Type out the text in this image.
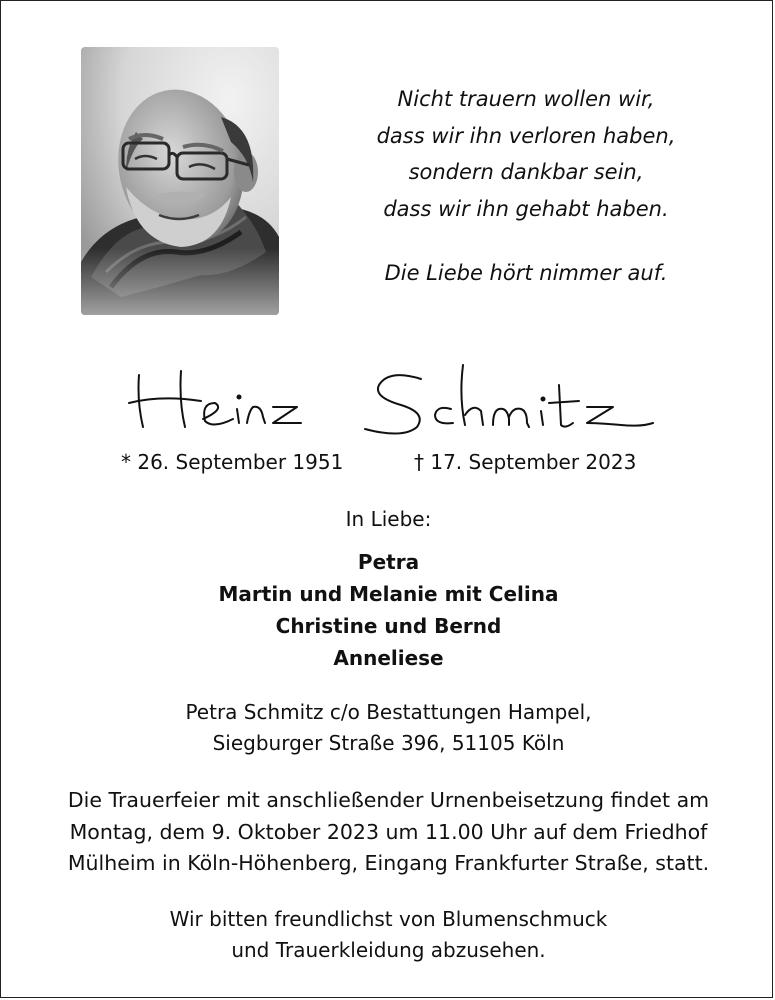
Nicht trauern wollen wir,
dass wir ihn verloren haben,
sondern dankbar sein,
dass wir ihn gehabt haben.
Die Liebe hört nimmer auf.
* 26. September 1951	† 17. September 2023
In Liebe:
Petra
Martin und Melanie mit Celina
Christine und Bernd
Anneliese
Petra Schmitz c/o Bestattungen Hampel,
Siegburger Straße 396, 51105 Köln
Die Trauerfeier mit anschließender Urnenbeisetzung findet am
Montag, dem 9. Oktober 2023 um 11.00 Uhr auf dem Friedhof
Mülheim in Köln-Höhenberg, Eingang Frankfurter Straße, statt.
Wir bitten freundlichst von Blumenschmuck
und Trauerkleidung abzusehen.
